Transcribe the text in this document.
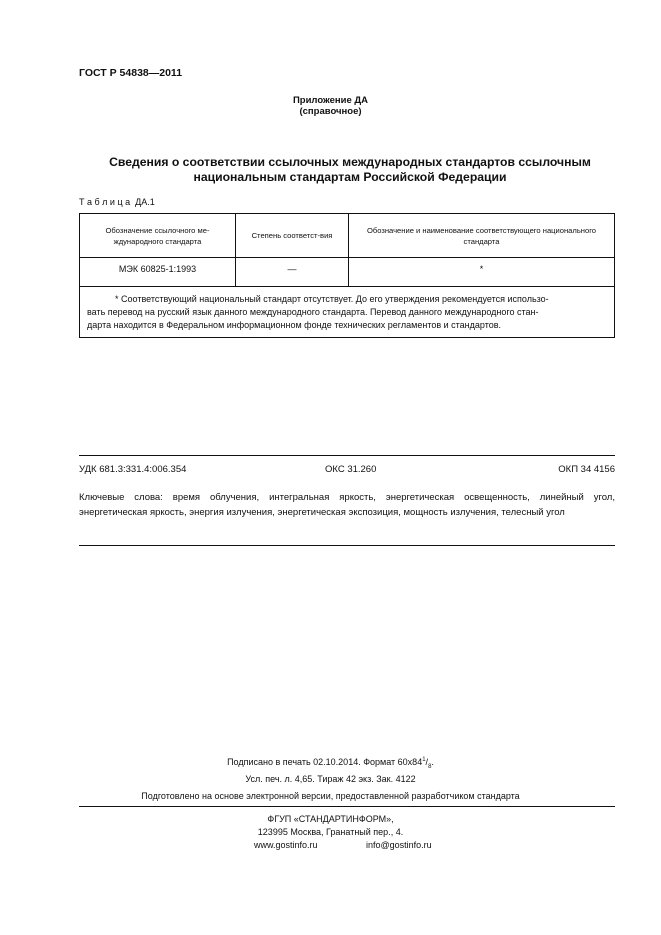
ГОСТ Р 54838—2011
Приложение ДА
(справочное)
Сведения о соответствии ссылочных международных стандартов ссылочным
национальным стандартам Российской Федерации
Т а б л и ц а  ДА.1
Обозначение ссылочного ме-ждународного стандарта	Степень соответст-вия	Обозначение и наименование соответствующего национального стандарта
МЭК 60825-1:1993	—	*

* Соответствующий национальный стандарт отсутствует. До его утверждения рекомендуется использо-
вать перевод на русский язык данного международного стандарта. Перевод данного международного стан-
дарта находится в Федеральном информационном фонде технических регламентов и стандартов.		
УДК 681.3:331.4:006.354	ОКС 31.260	ОКП 34 4156
Ключевые слова: время облучения, интегральная яркость, энергетическая освещенность, линейный угол, энергетическая яркость, энергия излучения, энергетическая экспозиция, мощность излучения, телесный угол
Подписано в печать 02.10.2014. Формат $60х84^1/_8$.
Усл. печ. л. 4,65. Тираж 42 экз. Зак. 4122
Подготовлено на основе электронной версии, предоставленной разработчиком стандарта
ФГУП «СТАНДАРТИНФОРМ»,
123995 Москва, Гранатный пер., 4.
www.gostinfo.ru	info@gostinfo.ru
